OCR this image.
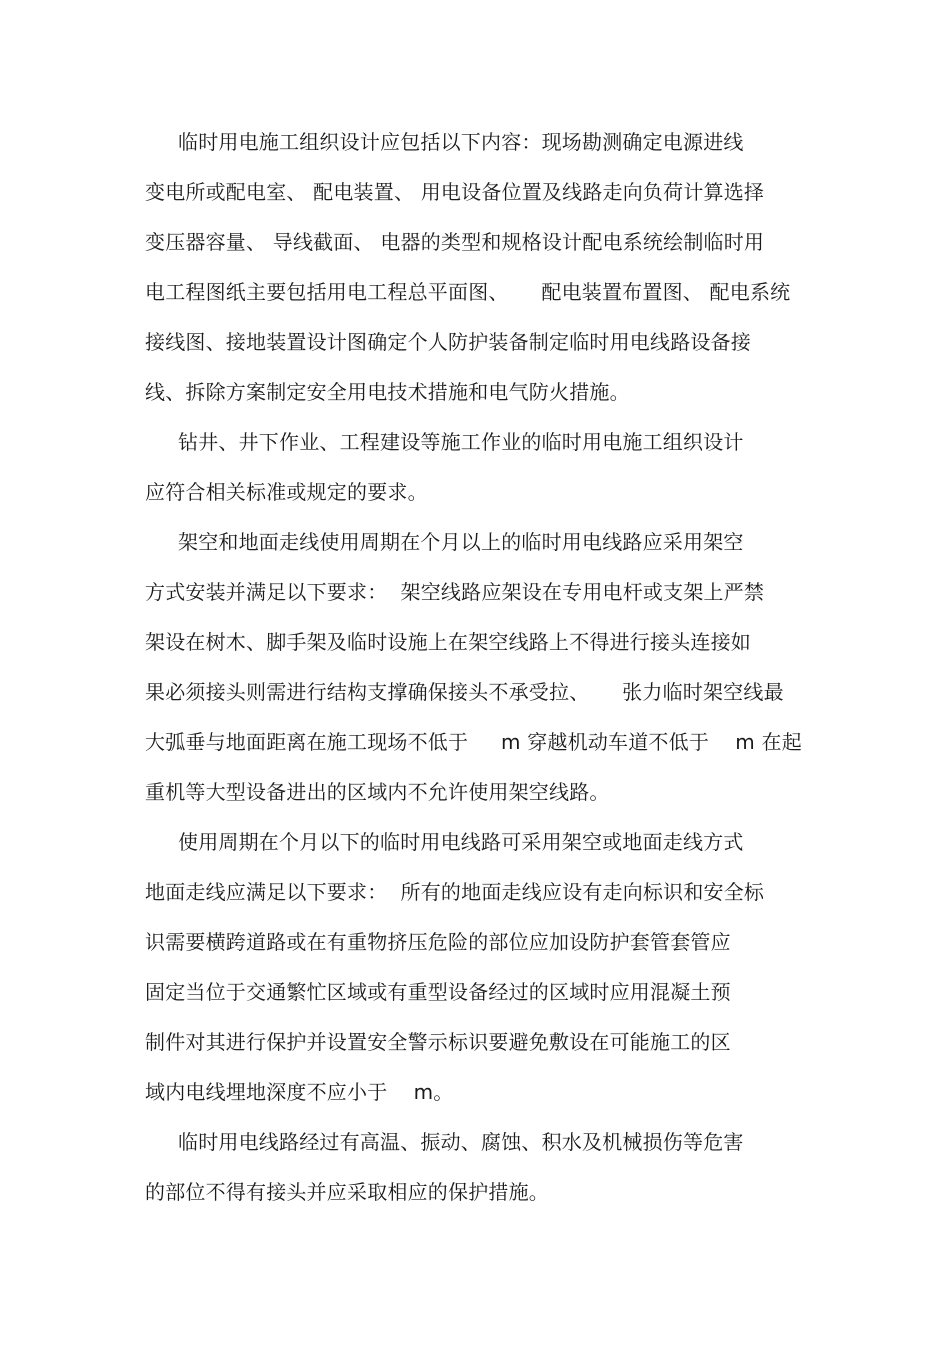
临时用电施工组织设计应包括以下内容：现场勘测确定电源进线
变电所或配电室、 配电装置、 用电设备位置及线路走向负荷计算选择
变压器容量、 导线截面、 电器的类型和规格设计配电系统绘制临时用
电工程图纸主要包括用电工程总平面图、     配电装置布置图、 配电系统
接线图、接地装置设计图确定个人防护装备制定临时用电线路设备接
线、拆除方案制定安全用电技术措施和电气防火措施。
钻井、井下作业、工程建设等施工作业的临时用电施工组织设计
应符合相关标准或规定的要求。
架空和地面走线使用周期在个月以上的临时用电线路应采用架空
方式安装并满足以下要求：  架空线路应架设在专用电杆或支架上严禁
架设在树木、脚手架及临时设施上在架空线路上不得进行接头连接如
果必须接头则需进行结构支撑确保接头不承受拉、     张力临时架空线最
大弧垂与地面距离在施工现场不低于     m 穿越机动车道不低于    m 在起
重机等大型设备进出的区域内不允许使用架空线路。
使用周期在个月以下的临时用电线路可采用架空或地面走线方式
地面走线应满足以下要求：  所有的地面走线应设有走向标识和安全标
识需要横跨道路或在有重物挤压危险的部位应加设防护套管套管应
固定当位于交通繁忙区域或有重型设备经过的区域时应用混凝土预
制件对其进行保护并设置安全警示标识要避免敷设在可能施工的区
域内电线埋地深度不应小于    m。
临时用电线路经过有高温、振动、腐蚀、积水及机械损伤等危害
的部位不得有接头并应采取相应的保护措施。
